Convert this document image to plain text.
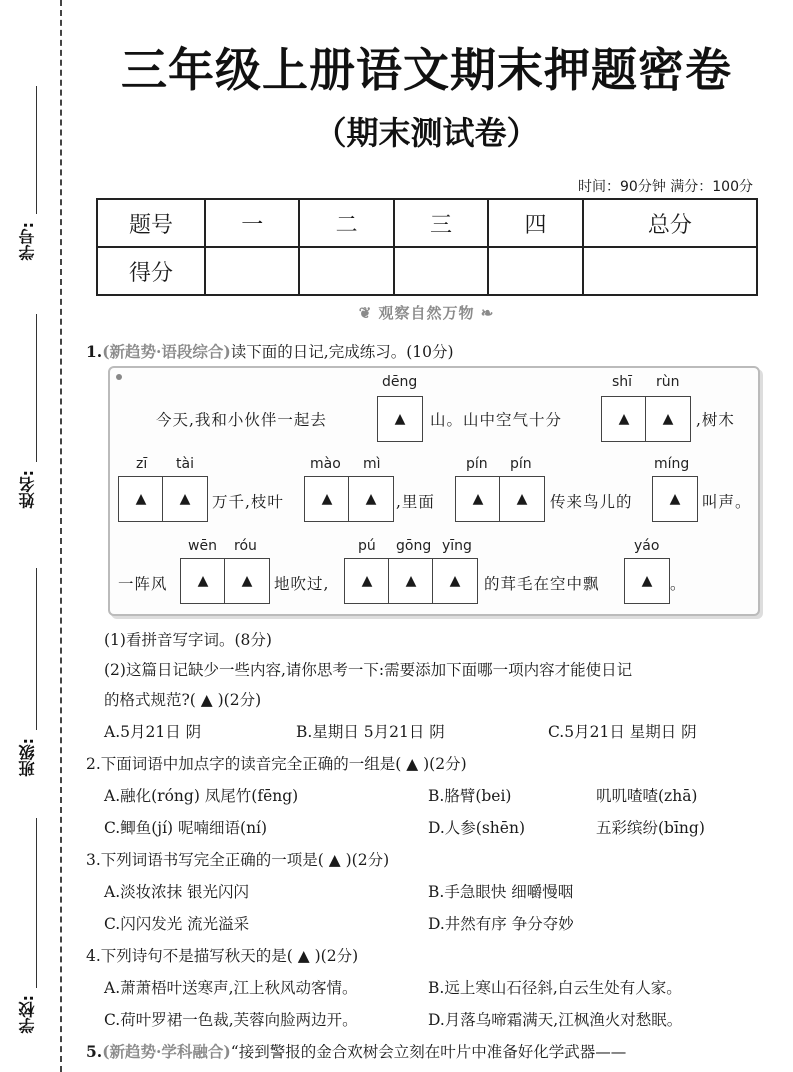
学号:
姓名:
班级:
学校:
三年级上册语文期末押题密卷
（期末测试卷）
时间：90分钟 满分：100分
题号	一	二	三	四	总分
得分					
❦ 观察自然万物 ❧
1.(新趋势·语段综合)读下面的日记,完成练习。(10分)
今天,我和小伙伴一起去
dēng
▲	山。山中空气十分
shī rùn
▲	▲	,树木
zī tài
▲	▲	万千,枝叶
mào mì
▲	▲	,里面
pín pín
▲	▲	传来鸟儿的
míng
▲	叫声。
一阵风
wēn róu
▲	▲	地吹过,
pú gōng yīng
▲	▲	▲	的茸毛在空中飘
yáo
▲	。
(1)看拼音写字词。(8分)
(2)这篇日记缺少一些内容,请你思考一下:需要添加下面哪一项内容才能使日记
的格式规范?( ▲ )(2分)
A.5月21日 阴	B.星期日 5月21日 阴	C.5月21日 星期日 阴
2.下面词语中加点字的读音完全正确的一组是( ▲ )(2分)
A.融化(róng) 凤尾竹(fēng)	B.胳臂(bei)	叽叽喳喳(zhā)
C.鲫鱼(jí) 呢喃细语(ní)	D.人参(shēn)	五彩缤纷(bīng)
3.下列词语书写完全正确的一项是( ▲ )(2分)
A.淡妆浓抹 银光闪闪	B.手急眼快 细嚼慢咽
C.闪闪发光 流光溢采	D.井然有序 争分夺妙
4.下列诗句不是描写秋天的是( ▲ )(2分)
A.萧萧梧叶送寒声,江上秋风动客情。	B.远上寒山石径斜,白云生处有人家。
C.荷叶罗裙一色裁,芙蓉向脸两边开。	D.月落乌啼霜满天,江枫渔火对愁眠。
5.(新趋势·学科融合)“接到警报的金合欢树会立刻在叶片中准备好化学武器——
